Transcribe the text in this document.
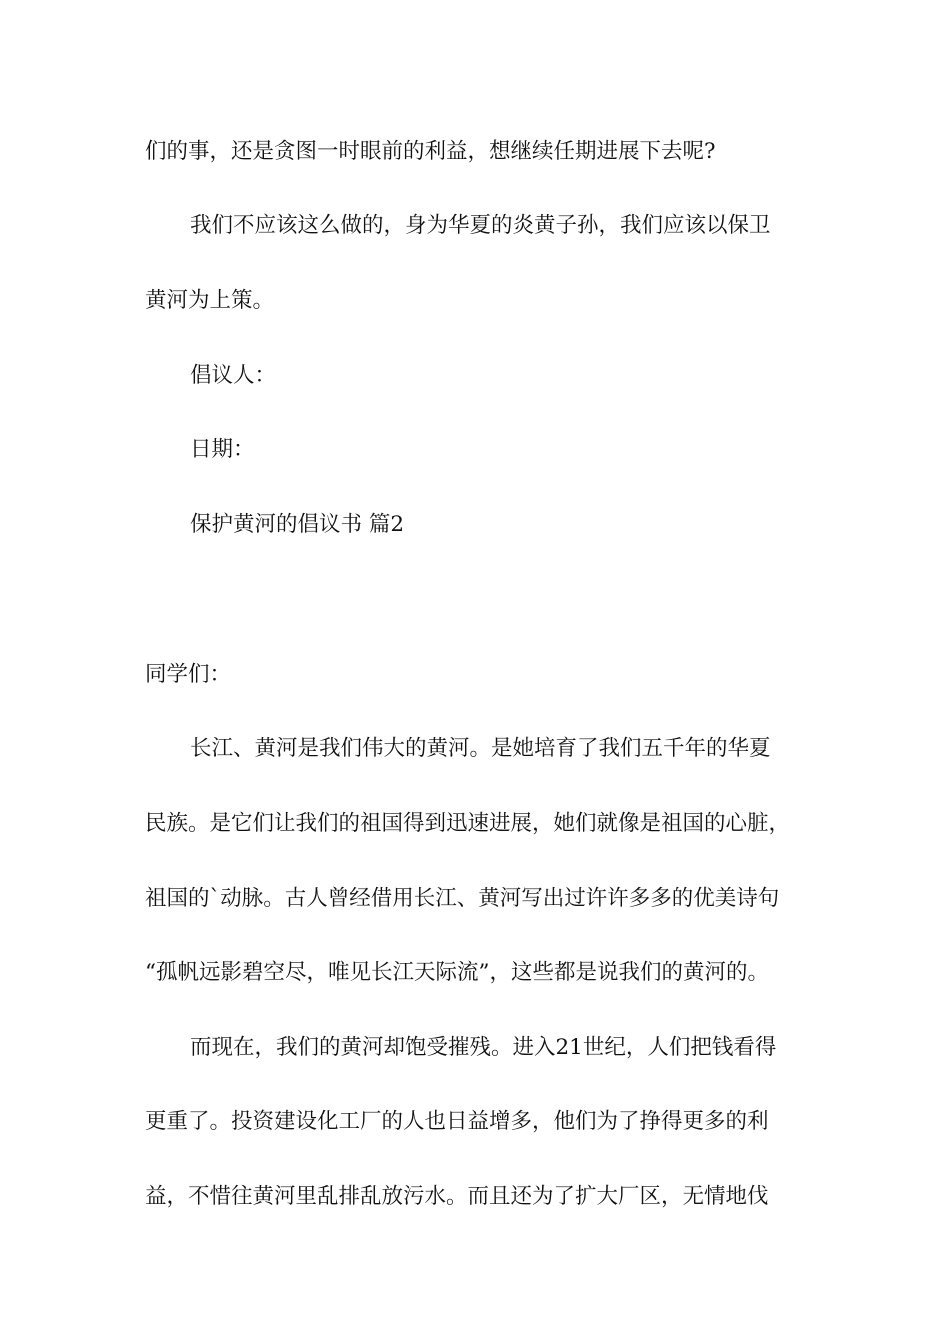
们的事，还是贪图一时眼前的利益，想继续任期进展下去呢?
我们不应该这么做的，身为华夏的炎黄子孙，我们应该以保卫
黄河为上策。
倡议人：
日期：
保护黄河的倡议书 篇2
同学们：
长江、黄河是我们伟大的黄河。是她培育了我们五千年的华夏
民族。是它们让我们的祖国得到迅速进展，她们就像是祖国的心脏，
祖国的`动脉。古人曾经借用长江、黄河写出过许许多多的优美诗句
“孤帆远影碧空尽，唯见长江天际流”，这些都是说我们的黄河的。
而现在，我们的黄河却饱受摧残。进入21世纪，人们把钱看得
更重了。投资建设化工厂的人也日益增多，他们为了挣得更多的利
益，不惜往黄河里乱排乱放污水。而且还为了扩大厂区，无情地伐
